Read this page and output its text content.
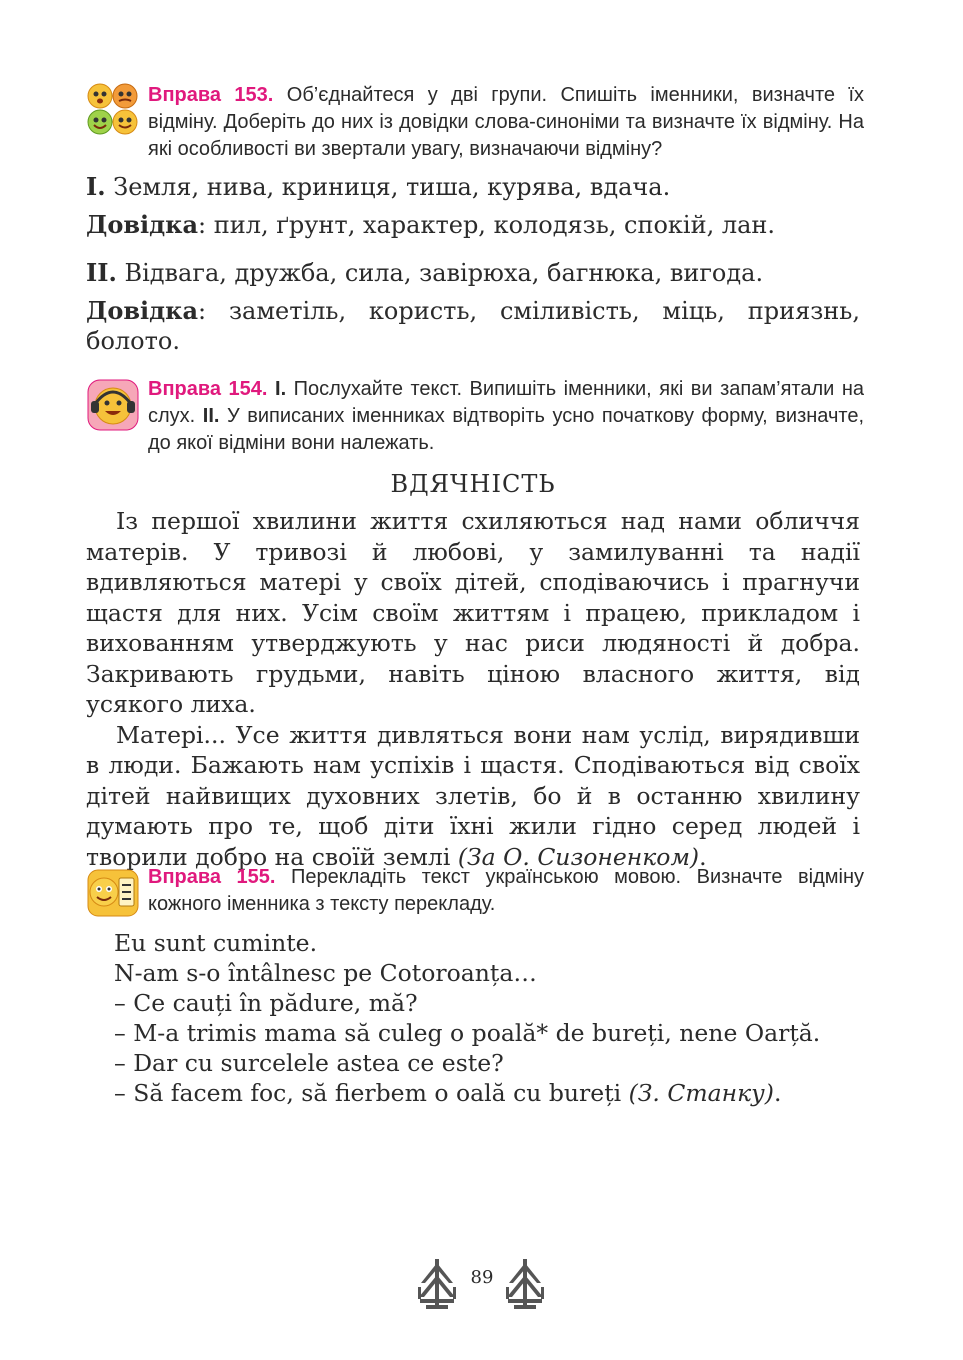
Вправа 153. Об’єднайтеся у дві групи. Спишіть іменники, визначте їх відміну. Доберіть до них із довідки слова-синоніми та визначте їх відміну. На які особливості ви звертали увагу, визначаючи відміну?
I. Земля, нива, криниця, тиша, курява, вдача.
Довідка: пил, ґрунт, характер, колодязь, спокій, лан.
II. Відвага, дружба, сила, завірюха, багнюка, вигода.
Довідка: заметіль, користь, сміливість, міць, приязнь, болото.
Вправа 154. I. Послухайте текст. Випишіть іменники, які ви запам’ятали на слух. II. У виписаних іменниках відтворіть усно початкову форму, визначте, до якої відміни вони належать.
ВДЯЧНІСТЬ

Із першої хвилини життя схиляються над нами обличчя матерів. У тривозі й любові, у замилуванні та надії вдивляються матері у своїх дітей, сподіваючись і прагнучи щастя для них. Усім своїм життям і працею, прикладом і вихованням утверджують у нас риси людяності й добра. Закривають грудьми, навіть ціною власного життя, від усякого лиха.

Матері... Усе життя дивляться вони нам услід, вирядивши в люди. Бажають нам успіхів і щастя. Сподіваються від своїх дітей найвищих духовних злетів, бо й в останню хвилину думають про те, щоб діти їхні жили гідно серед людей і творили добро на своїй землі (За О. Сизоненком).

Вправа 155. Перекладіть текст українською мовою. Визначте відміну кожного іменника з тексту перекладу.
Eu sunt cuminte.
N-am s-o întâlnesc pe Cotoroanța…
– Ce cauți în pădure, mă?
– M-a trimis mama să culeg o poală* de bureți, nene Oarță.
– Dar cu surcelele astea ce este?
– Să facem foc, să fierbem o oală cu bureți (З. Станку).
89
